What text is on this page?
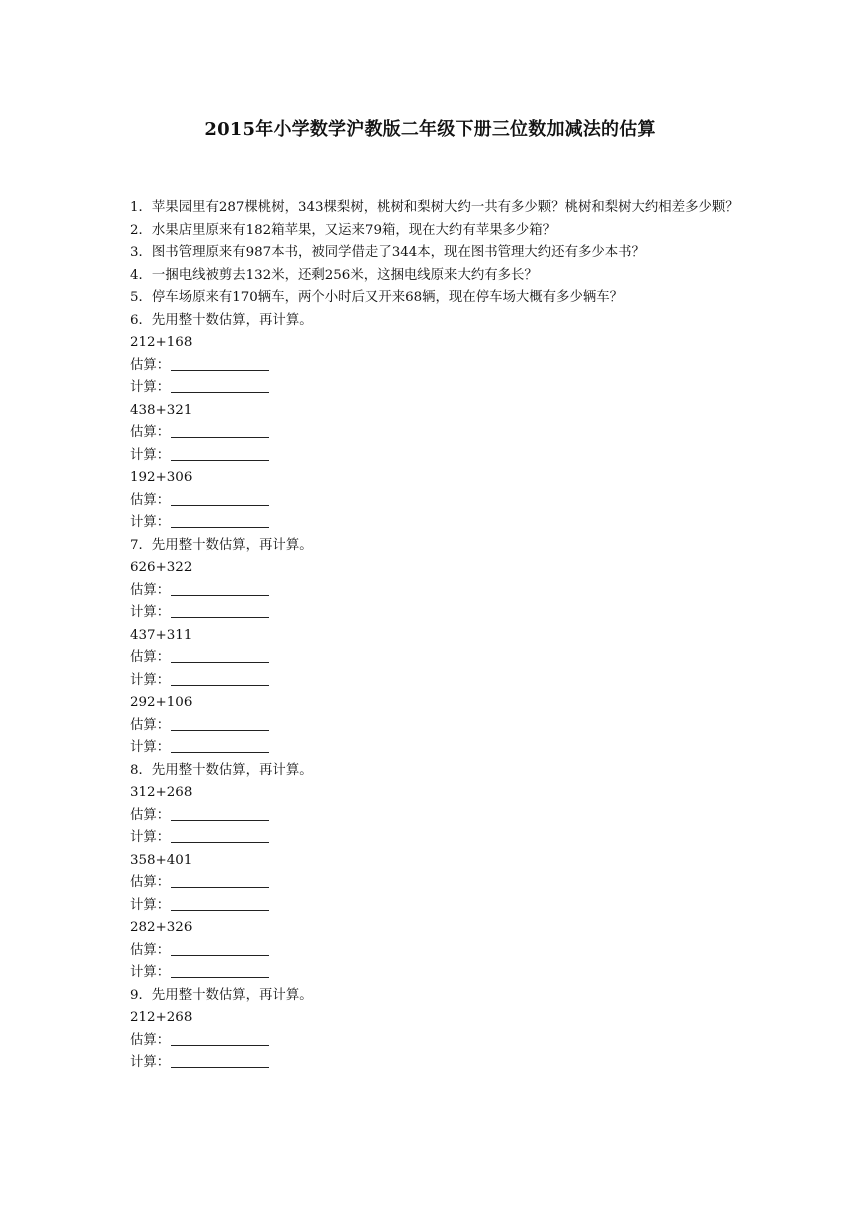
2015年小学数学沪教版二年级下册三位数加减法的估算
1．苹果园里有287棵桃树，343棵梨树，桃树和梨树大约一共有多少颗？桃树和梨树大约相差多少颗？
2．水果店里原来有182箱苹果，又运来79箱，现在大约有苹果多少箱？
3．图书管理原来有987本书，被同学借走了344本，现在图书管理大约还有多少本书？
4．一捆电线被剪去132米，还剩256米，这捆电线原来大约有多长？
5．停车场原来有170辆车，两个小时后又开来68辆，现在停车场大概有多少辆车？
6．先用整十数估算，再计算。
212+168
估算：
计算：
438+321
估算：
计算：
192+306
估算：
计算：
7．先用整十数估算，再计算。
626+322
估算：
计算：
437+311
估算：
计算：
292+106
估算：
计算：
8．先用整十数估算，再计算。
312+268
估算：
计算：
358+401
估算：
计算：
282+326
估算：
计算：
9．先用整十数估算，再计算。
212+268
估算：
计算：
